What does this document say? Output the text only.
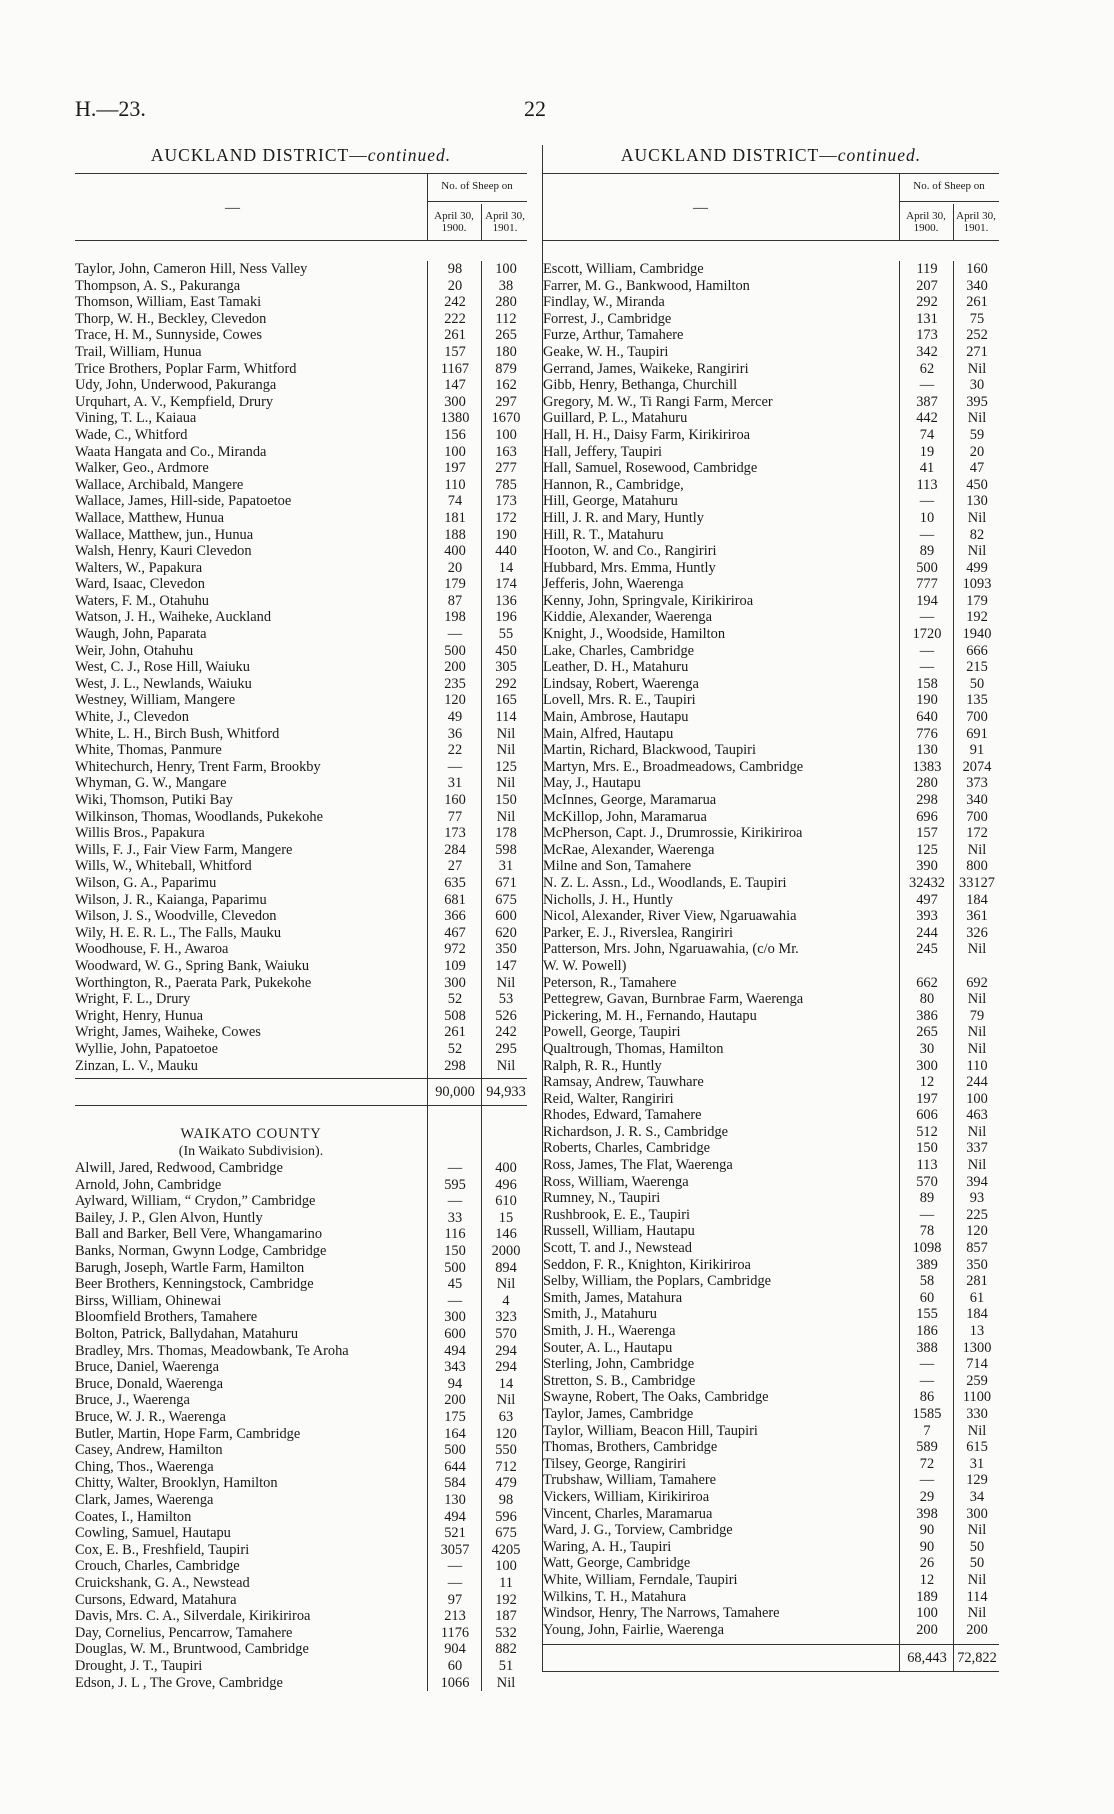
H.—23.	22
AUCKLAND DISTRICT—continued.
—
No. of Sheep on
April 30,
1900.
April 30,
1901.
Taylor, John, Cameron Hill, Ness Valley	98	100
Thompson, A. S., Pakuranga	20	38
Thomson, William, East Tamaki	242	280
Thorp, W. H., Beckley, Clevedon	222	112
Trace, H. M., Sunnyside, Cowes	261	265
Trail, William, Hunua	157	180
Trice Brothers, Poplar Farm, Whitford	1167	879
Udy, John, Underwood, Pakuranga	147	162
Urquhart, A. V., Kempfield, Drury	300	297
Vining, T. L., Kaiaua	1380	1670
Wade, C., Whitford	156	100
Waata Hangata and Co., Miranda	100	163
Walker, Geo., Ardmore	197	277
Wallace, Archibald, Mangere	110	785
Wallace, James, Hill-side, Papatoetoe	74	173
Wallace, Matthew, Hunua	181	172
Wallace, Matthew, jun., Hunua	188	190
Walsh, Henry, Kauri Clevedon	400	440
Walters, W., Papakura	20	14
Ward, Isaac, Clevedon	179	174
Waters, F. M., Otahuhu	87	136
Watson, J. H., Waiheke, Auckland	198	196
Waugh, John, Paparata	—	55
Weir, John, Otahuhu	500	450
West, C. J., Rose Hill, Waiuku	200	305
West, J. L., Newlands, Waiuku	235	292
Westney, William, Mangere	120	165
White, J., Clevedon	49	114
White, L. H., Birch Bush, Whitford	36	Nil
White, Thomas, Panmure	22	Nil
Whitechurch, Henry, Trent Farm, Brookby	—	125
Whyman, G. W., Mangare	31	Nil
Wiki, Thomson, Putiki Bay	160	150
Wilkinson, Thomas, Woodlands, Pukekohe	77	Nil
Willis Bros., Papakura	173	178
Wills, F. J., Fair View Farm, Mangere	284	598
Wills, W., Whiteball, Whitford	27	31
Wilson, G. A., Paparimu	635	671
Wilson, J. R., Kaianga, Paparimu	681	675
Wilson, J. S., Woodville, Clevedon	366	600
Wily, H. E. R. L., The Falls, Mauku	467	620
Woodhouse, F. H., Awaroa	972	350
Woodward, W. G., Spring Bank, Waiuku	109	147
Worthington, R., Paerata Park, Pukekohe	300	Nil
Wright, F. L., Drury	52	53
Wright, Henry, Hunua	508	526
Wright, James, Waiheke, Cowes	261	242
Wyllie, John, Papatoetoe	52	295
Zinzan, L. V., Mauku	298	Nil
90,000 94,933
WAIKATO COUNTY
(In Waikato Subdivision).
Alwill, Jared, Redwood, Cambridge	—	400
Arnold, John, Cambridge	595	496
Aylward, William, “ Crydon,” Cambridge	—	610
Bailey, J. P., Glen Alvon, Huntly	33	15
Ball and Barker, Bell Vere, Whangamarino	116	146
Banks, Norman, Gwynn Lodge, Cambridge	150	2000
Barugh, Joseph, Wartle Farm, Hamilton	500	894
Beer Brothers, Kenningstock, Cambridge	45	Nil
Birss, William, Ohinewai	—	4
Bloomfield Brothers, Tamahere	300	323
Bolton, Patrick, Ballydahan, Matahuru	600	570
Bradley, Mrs. Thomas, Meadowbank, Te Aroha	494	294
Bruce, Daniel, Waerenga	343	294
Bruce, Donald, Waerenga	94	14
Bruce, J., Waerenga	200	Nil
Bruce, W. J. R., Waerenga	175	63
Butler, Martin, Hope Farm, Cambridge	164	120
Casey, Andrew, Hamilton	500	550
Ching, Thos., Waerenga	644	712
Chitty, Walter, Brooklyn, Hamilton	584	479
Clark, James, Waerenga	130	98
Coates, I., Hamilton	494	596
Cowling, Samuel, Hautapu	521	675
Cox, E. B., Freshfield, Taupiri	3057	4205
Crouch, Charles, Cambridge	—	100
Cruickshank, G. A., Newstead	—	11
Cursons, Edward, Matahura	97	192
Davis, Mrs. C. A., Silverdale, Kirikiriroa	213	187
Day, Cornelius, Pencarrow, Tamahere	1176	532
Douglas, W. M., Bruntwood, Cambridge	904	882
Drought, J. T., Taupiri	60	51
Edson, J. L , The Grove, Cambridge	1066	Nil
AUCKLAND DISTRICT—continued.
—
No. of Sheep on
April 30,
1900.
April 30,
1901.
Escott, William, Cambridge	119	160
Farrer, M. G., Bankwood, Hamilton	207	340
Findlay, W., Miranda	292	261
Forrest, J., Cambridge	131	75
Furze, Arthur, Tamahere	173	252
Geake, W. H., Taupiri	342	271
Gerrand, James, Waikeke, Rangiriri	62	Nil
Gibb, Henry, Bethanga, Churchill	—	30
Gregory, M. W., Ti Rangi Farm, Mercer	387	395
Guillard, P. L., Matahuru	442	Nil
Hall, H. H., Daisy Farm, Kirikiriroa	74	59
Hall, Jeffery, Taupiri	19	20
Hall, Samuel, Rosewood, Cambridge	41	47
Hannon, R., Cambridge,	113	450
Hill, George, Matahuru	—	130
Hill, J. R. and Mary, Huntly	10	Nil
Hill, R. T., Matahuru	—	82
Hooton, W. and Co., Rangiriri	89	Nil
Hubbard, Mrs. Emma, Huntly	500	499
Jefferis, John, Waerenga	777	1093
Kenny, John, Springvale, Kirikiriroa	194	179
Kiddie, Alexander, Waerenga	—	192
Knight, J., Woodside, Hamilton	1720	1940
Lake, Charles, Cambridge	—	666
Leather, D. H., Matahuru	—	215
Lindsay, Robert, Waerenga	158	50
Lovell, Mrs. R. E., Taupiri	190	135
Main, Ambrose, Hautapu	640	700
Main, Alfred, Hautapu	776	691
Martin, Richard, Blackwood, Taupiri	130	91
Martyn, Mrs. E., Broadmeadows, Cambridge	1383	2074
May, J., Hautapu	280	373
McInnes, George, Maramarua	298	340
McKillop, John, Maramarua	696	700
McPherson, Capt. J., Drumrossie, Kirikiriroa	157	172
McRae, Alexander, Waerenga	125	Nil
Milne and Son, Tamahere	390	800
N. Z. L. Assn., Ld., Woodlands, E. Taupiri	32432 33127
Nicholls, J. H., Huntly	497	184
Nicol, Alexander, River View, Ngaruawahia	393	361
Parker, E. J., Riverslea, Rangiriri	244	326
Patterson, Mrs. John, Ngaruawahia, (c/o Mr.	245	Nil
W. W. Powell)
Peterson, R., Tamahere	662	692
Pettegrew, Gavan, Burnbrae Farm, Waerenga	80	Nil
Pickering, M. H., Fernando, Hautapu	386	79
Powell, George, Taupiri	265	Nil
Qualtrough, Thomas, Hamilton	30	Nil
Ralph, R. R., Huntly	300	110
Ramsay, Andrew, Tauwhare	12	244
Reid, Walter, Rangiriri	197	100
Rhodes, Edward, Tamahere	606	463
Richardson, J. R. S., Cambridge	512	Nil
Roberts, Charles, Cambridge	150	337
Ross, James, The Flat, Waerenga	113	Nil
Ross, William, Waerenga	570	394
Rumney, N., Taupiri	89	93
Rushbrook, E. E., Taupiri	—	225
Russell, William, Hautapu	78	120
Scott, T. and J., Newstead	1098	857
Seddon, F. R., Knighton, Kirikiriroa	389	350
Selby, William, the Poplars, Cambridge	58	281
Smith, James, Matahura	60	61
Smith, J., Matahuru	155	184
Smith, J. H., Waerenga	186	13
Souter, A. L., Hautapu	388	1300
Sterling, John, Cambridge	—	714
Stretton, S. B., Cambridge	—	259
Swayne, Robert, The Oaks, Cambridge	86	1100
Taylor, James, Cambridge	1585	330
Taylor, William, Beacon Hill, Taupiri	7	Nil
Thomas, Brothers, Cambridge	589	615
Tilsey, George, Rangiriri	72	31
Trubshaw, William, Tamahere	—	129
Vickers, William, Kirikiriroa	29	34
Vincent, Charles, Maramarua	398	300
Ward, J. G., Torview, Cambridge	90	Nil
Waring, A. H., Taupiri	90	50
Watt, George, Cambridge	26	50
White, William, Ferndale, Taupiri	12	Nil
Wilkins, T. H., Matahura	189	114
Windsor, Henry, The Narrows, Tamahere	100	Nil
Young, John, Fairlie, Waerenga	200	200
68,443 72,822
